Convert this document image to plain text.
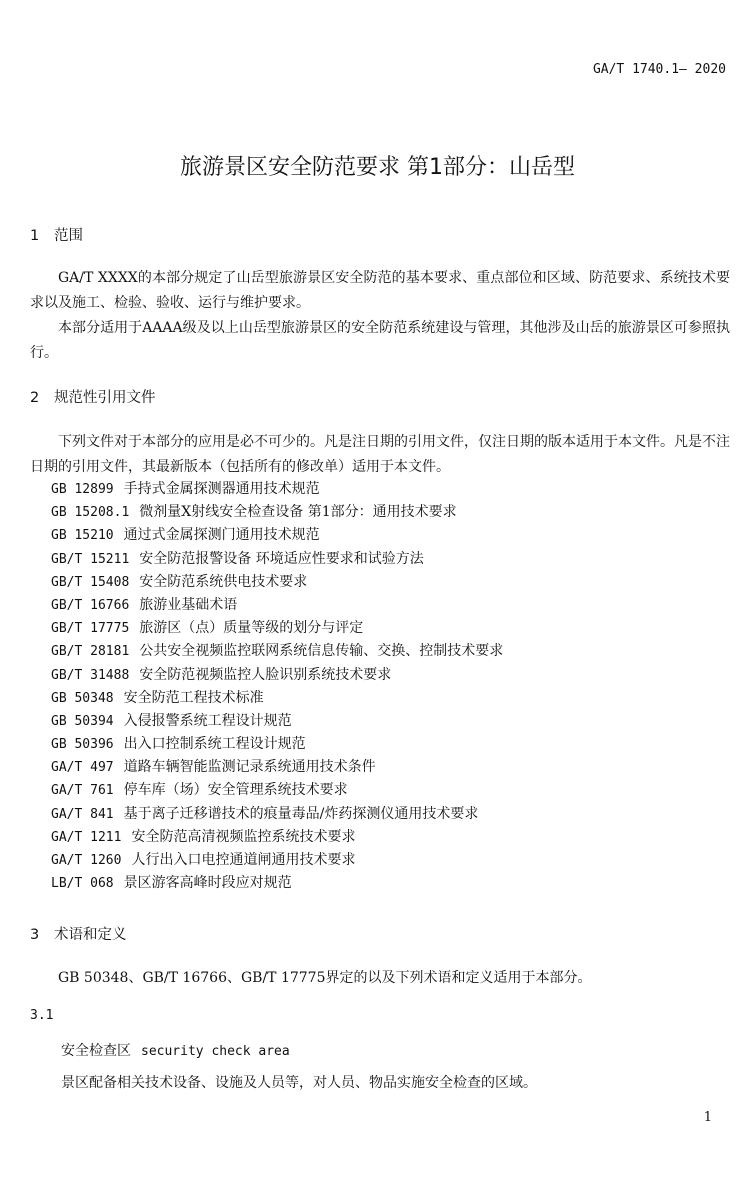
GA/T 1740.1— 2020
旅游景区安全防范要求 第1部分：山岳型
1 范围
GA/T XXXX的本部分规定了山岳型旅游景区安全防范的基本要求、重点部位和区域、防范要求、系统技术要求以及施工、检验、验收、运行与维护要求。
本部分适用于AAAA级及以上山岳型旅游景区的安全防范系统建设与管理，其他涉及山岳的旅游景区可参照执行。
2 规范性引用文件
下列文件对于本部分的应用是必不可少的。凡是注日期的引用文件，仅注日期的版本适用于本文件。凡是不注日期的引用文件，其最新版本（包括所有的修改单）适用于本文件。
GB 12899 手持式金属探测器通用技术规范
GB 15208.1 微剂量X射线安全检查设备 第1部分：通用技术要求
GB 15210 通过式金属探测门通用技术规范
GB/T 15211 安全防范报警设备 环境适应性要求和试验方法
GB/T 15408 安全防范系统供电技术要求
GB/T 16766 旅游业基础术语
GB/T 17775 旅游区（点）质量等级的划分与评定
GB/T 28181 公共安全视频监控联网系统信息传输、交换、控制技术要求
GB/T 31488 安全防范视频监控人脸识别系统技术要求
GB 50348 安全防范工程技术标准
GB 50394 入侵报警系统工程设计规范
GB 50396 出入口控制系统工程设计规范
GA/T 497 道路车辆智能监测记录系统通用技术条件
GA/T 761 停车库（场）安全管理系统技术要求
GA/T 841 基于离子迁移谱技术的痕量毒品/炸药探测仪通用技术要求
GA/T 1211 安全防范高清视频监控系统技术要求
GA/T 1260 人行出入口电控通道闸通用技术要求
LB/T 068 景区游客高峰时段应对规范
3 术语和定义
GB 50348、GB/T 16766、GB/T 17775界定的以及下列术语和定义适用于本部分。
3.1
安全检查区 security check area
景区配备相关技术设备、设施及人员等，对人员、物品实施安全检查的区域。
1
